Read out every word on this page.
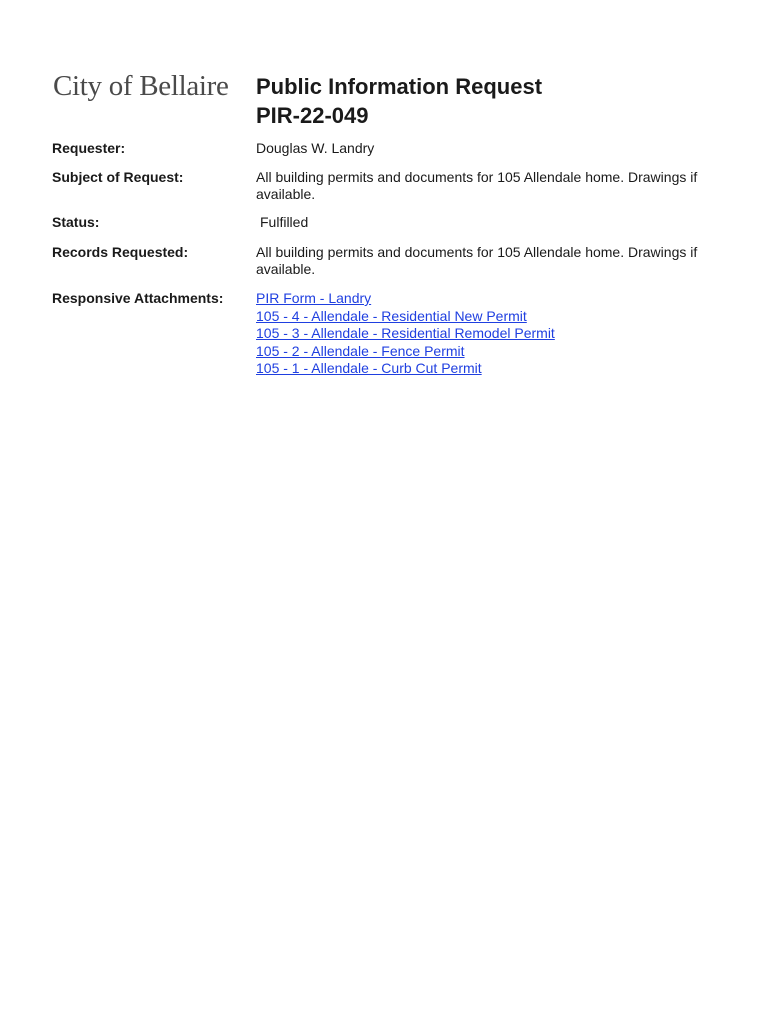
City of Bellaire Public Information Request
PIR-22-049
Requester:	Douglas W. Landry
Subject of Request:	All building permits and documents for 105 Allendale home. Drawings if available.
Status:	Fulfilled
Records Requested:	All building permits and documents for 105 Allendale home. Drawings if available.
Responsive Attachments: PIR Form - Landry
105 - 4 - Allendale - Residential New Permit
105 - 3 - Allendale - Residential Remodel Permit
105 - 2 - Allendale - Fence Permit
105 - 1 - Allendale - Curb Cut Permit
